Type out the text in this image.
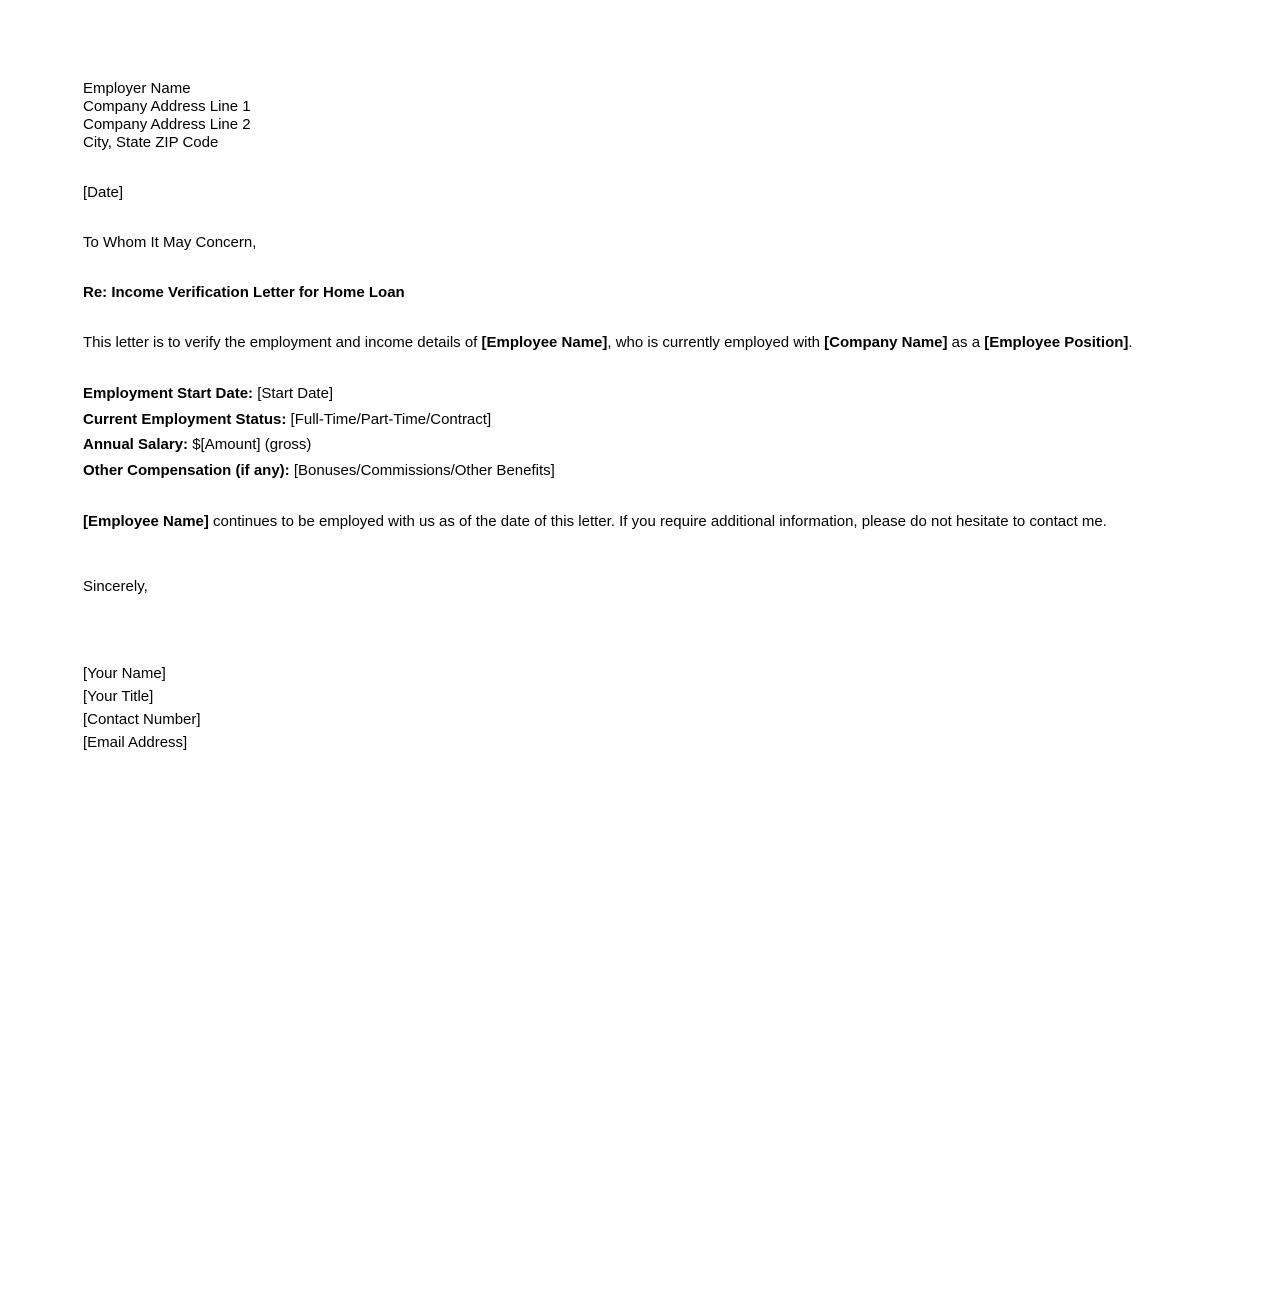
Employer Name
Company Address Line 1
Company Address Line 2
City, State ZIP Code
[Date]
To Whom It May Concern,
Re: Income Verification Letter for Home Loan
This letter is to verify the employment and income details of [Employee Name], who is currently employed with [Company Name] as a [Employee Position].
Employment Start Date: [Start Date]
Current Employment Status: [Full-Time/Part-Time/Contract]
Annual Salary: $[Amount] (gross)
Other Compensation (if any): [Bonuses/Commissions/Other Benefits]
[Employee Name] continues to be employed with us as of the date of this letter. If you require additional information, please do not hesitate to contact me.
Sincerely,
[Your Name]
[Your Title]
[Contact Number]
[Email Address]
